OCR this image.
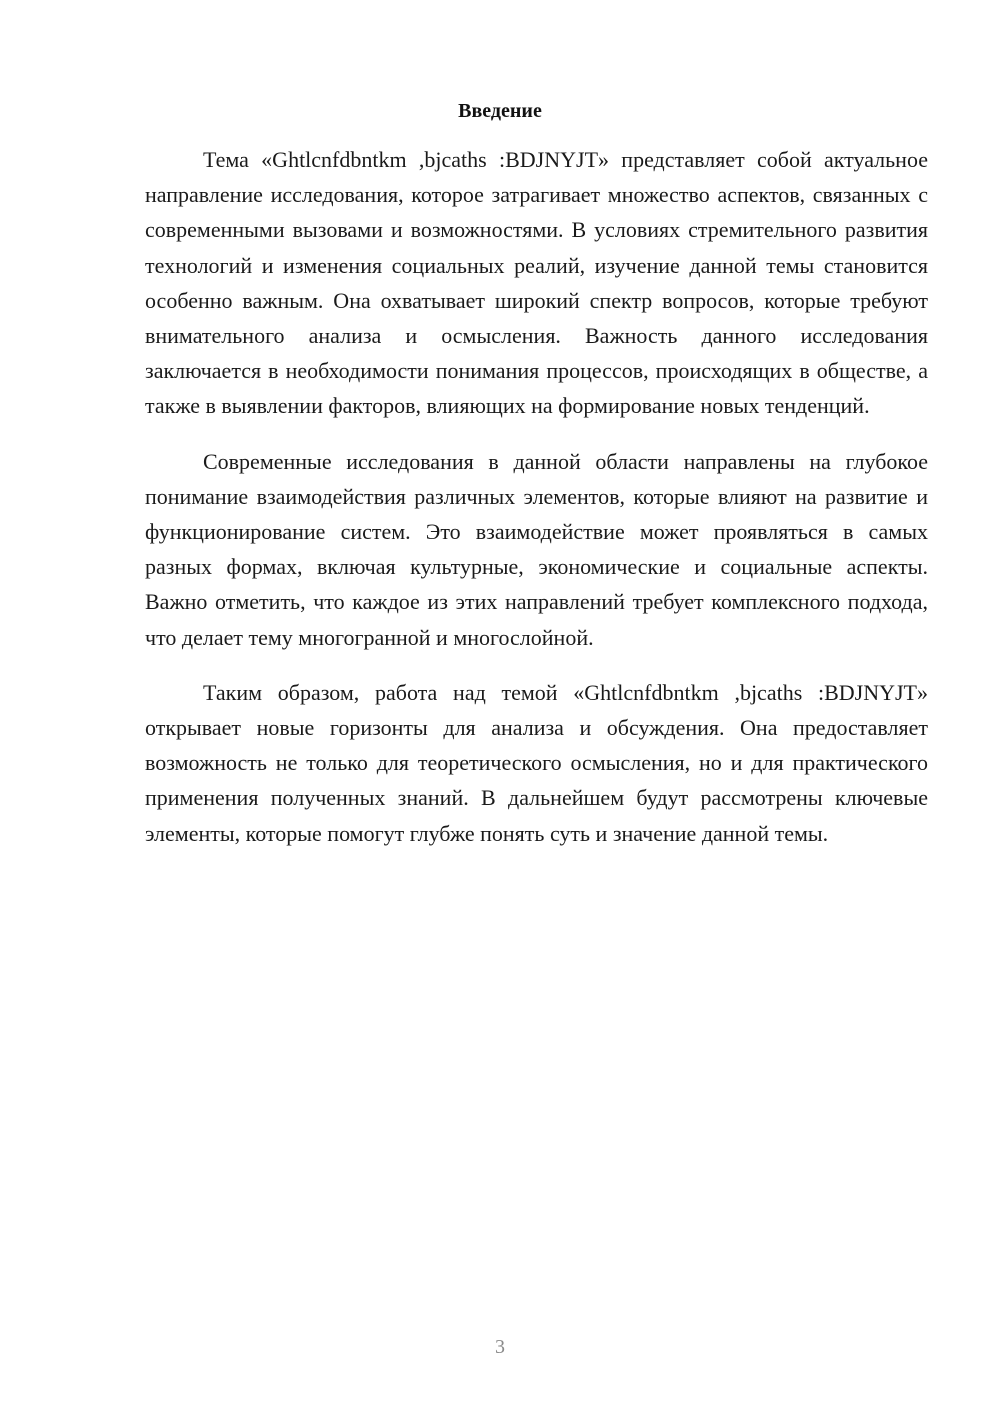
Введение

Тема «Ghtlcnfdbntkm ,bjcaths :BDJNYJT» представляет собой актуальное направление исследования, которое затрагивает множество аспектов, связанных с современными вызовами и возможностями. В условиях стремительного развития технологий и изменения социальных реалий, изучение данной темы становится особенно важным. Она охватывает широкий спектр вопросов, которые требуют внимательного анализа и осмысления. Важность данного исследования заключается в необходимости понимания процессов, происходящих в обществе, а также в выявлении факторов, влияющих на формирование новых тенденций.

Современные исследования в данной области направлены на глубокое понимание взаимодействия различных элементов, которые влияют на развитие и функционирование систем. Это взаимодействие может проявляться в самых разных формах, включая культурные, экономические и социальные аспекты. Важно отметить, что каждое из этих направлений требует комплексного подхода, что делает тему многогранной и многослойной.

Таким образом, работа над темой «Ghtlcnfdbntkm ,bjcaths :BDJNYJT» открывает новые горизонты для анализа и обсуждения. Она предоставляет возможность не только для теоретического осмысления, но и для практического применения полученных знаний. В дальнейшем будут рассмотрены ключевые элементы, которые помогут глубже понять суть и значение данной темы.

3
